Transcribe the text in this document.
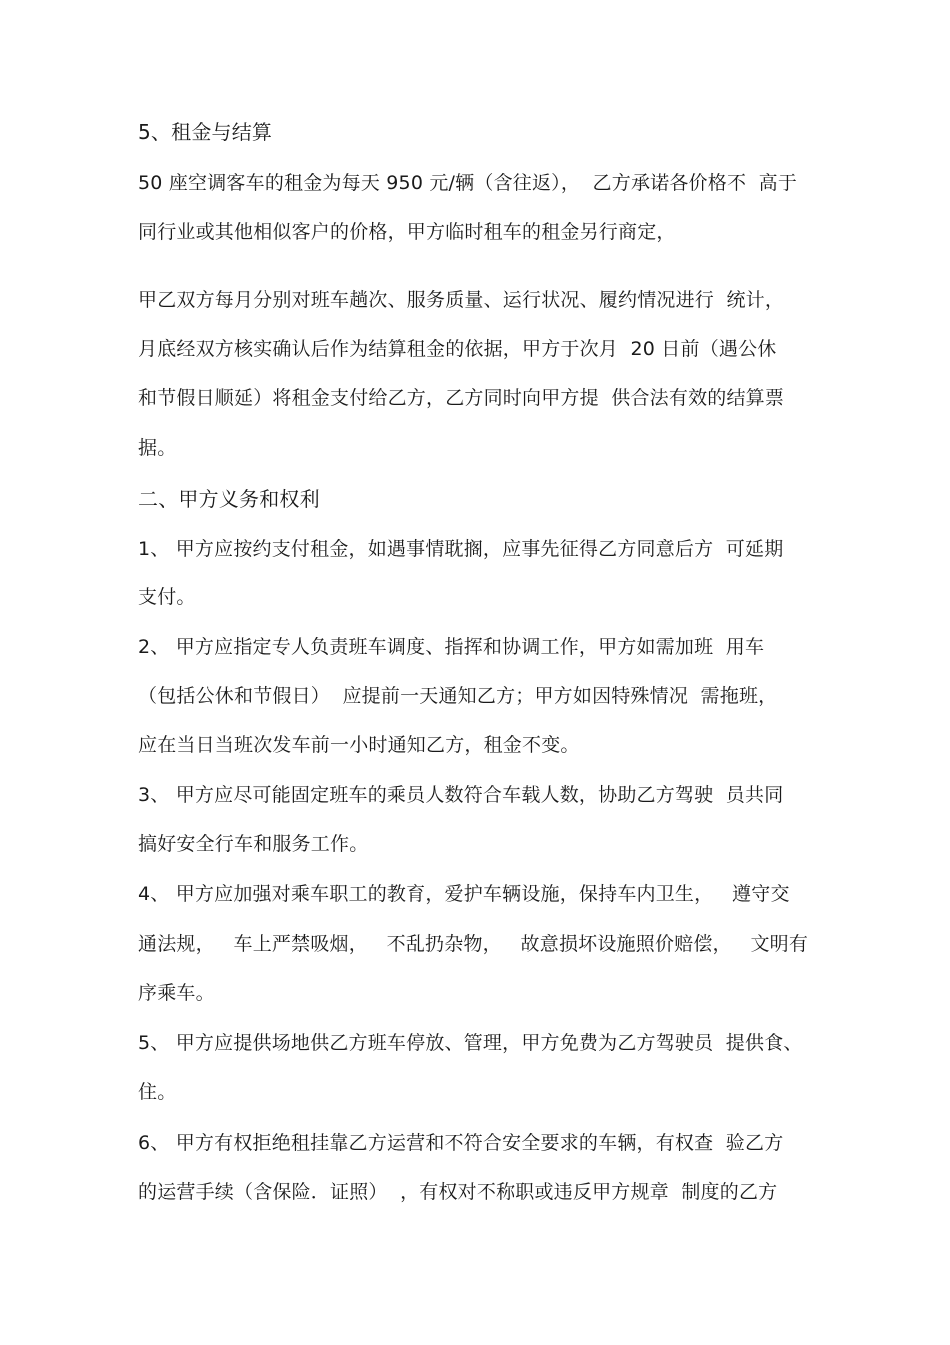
5、租金与结算
50 座空调客车的租金为每天 950 元/辆（含往返），  乙方承诺各价格不  高于
同行业或其他相似客户的价格，甲方临时租车的租金另行商定，
甲乙双方每月分别对班车趟次、服务质量、运行状况、履约情况进行  统计，
月底经双方核实确认后作为结算租金的依据，甲方于次月  20 日前（遇公休
和节假日顺延）将租金支付给乙方，乙方同时向甲方提  供合法有效的结算票
据。
二、甲方义务和权利
1、 甲方应按约支付租金，如遇事情耽搁，应事先征得乙方同意后方  可延期
支付。
2、 甲方应指定专人负责班车调度、指挥和协调工作，甲方如需加班  用车
（包括公休和节假日）  应提前一天通知乙方；甲方如因特殊情况  需拖班，
应在当日当班次发车前一小时通知乙方，租金不变。
3、 甲方应尽可能固定班车的乘员人数符合车载人数，协助乙方驾驶  员共同
搞好安全行车和服务工作。
4、 甲方应加强对乘车职工的教育，爱护车辆设施，保持车内卫生，   遵守交
通法规，   车上严禁吸烟，   不乱扔杂物，   故意损坏设施照价赔偿，   文明有
序乘车。
5、 甲方应提供场地供乙方班车停放、管理，甲方免费为乙方驾驶员  提供食、
住。
6、 甲方有权拒绝租挂靠乙方运营和不符合安全要求的车辆，有权查  验乙方
的运营手续（含保险．证照）  ，有权对不称职或违反甲方规章  制度的乙方
